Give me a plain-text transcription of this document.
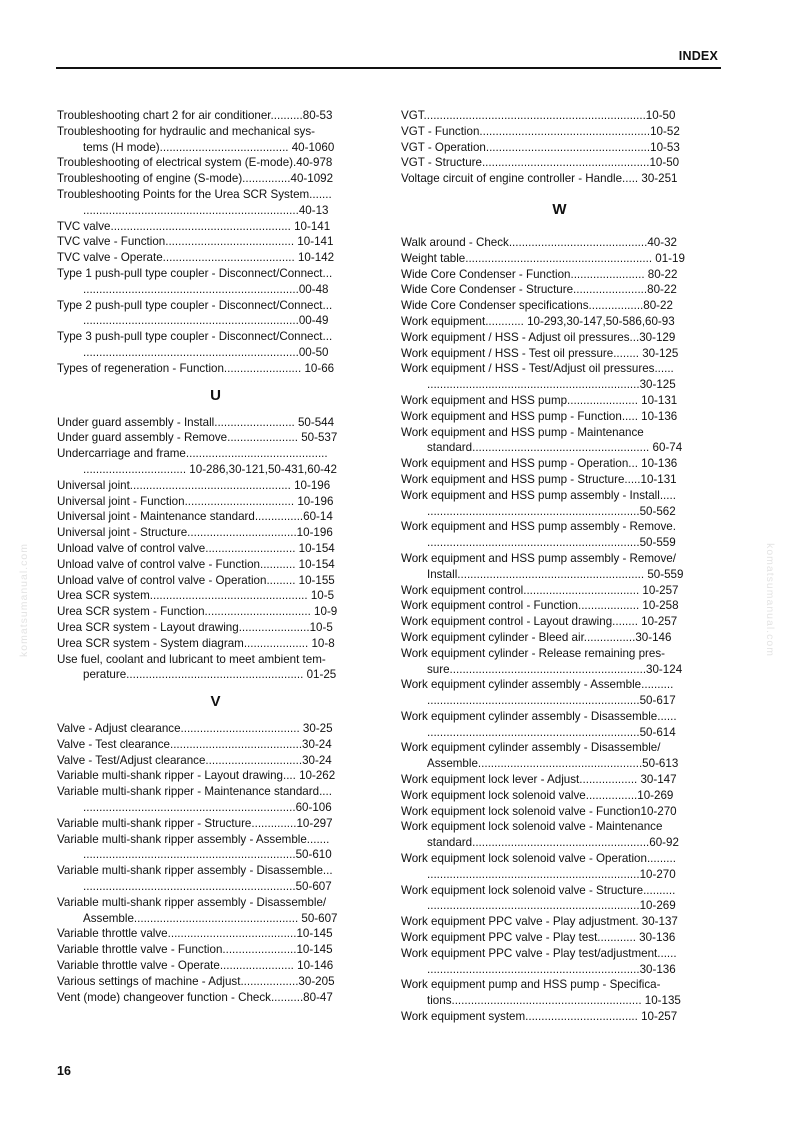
INDEX
komatsumanual.com	komatsumanual.com
Troubleshooting chart 2 for air conditioner..........80-53
Troubleshooting for hydraulic and mechanical sys-
tems (H mode)........................................ 40-1060
Troubleshooting of electrical system (E-mode).40-978
Troubleshooting of engine (S-mode)...............40-1092
Troubleshooting Points for the Urea SCR System.......
...................................................................40-13
TVC valve........................................................ 10-141
TVC valve - Function........................................ 10-141
TVC valve - Operate......................................... 10-142
Type 1 push-pull type coupler - Disconnect/Connect...
...................................................................00-48
Type 2 push-pull type coupler - Disconnect/Connect...
...................................................................00-49
Type 3 push-pull type coupler - Disconnect/Connect...
...................................................................00-50
Types of regeneration - Function........................ 10-66
U
Under guard assembly - Install......................... 50-544
Under guard assembly - Remove...................... 50-537
Undercarriage and frame............................................
................................ 10-286,30-121,50-431,60-42
Universal joint.................................................. 10-196
Universal joint - Function.................................. 10-196
Universal joint - Maintenance standard...............60-14
Universal joint - Structure..................................10-196
Unload valve of control valve............................ 10-154
Unload valve of control valve - Function........... 10-154
Unload valve of control valve - Operation......... 10-155
Urea SCR system................................................. 10-5
Urea SCR system - Function................................. 10-9
Urea SCR system - Layout drawing......................10-5
Urea SCR system - System diagram.................... 10-8
Use fuel, coolant and lubricant to meet ambient tem-
perature....................................................... 01-25
V
Valve - Adjust clearance..................................... 30-25
Valve - Test clearance.........................................30-24
Valve - Test/Adjust clearance..............................30-24
Variable multi-shank ripper - Layout drawing.... 10-262
Variable multi-shank ripper - Maintenance standard....
..................................................................60-106
Variable multi-shank ripper - Structure..............10-297
Variable multi-shank ripper assembly - Assemble.......
..................................................................50-610
Variable multi-shank ripper assembly - Disassemble...
..................................................................50-607
Variable multi-shank ripper assembly - Disassemble/
Assemble................................................... 50-607
Variable throttle valve........................................10-145
Variable throttle valve - Function.......................10-145
Variable throttle valve - Operate....................... 10-146
Various settings of machine - Adjust..................30-205
Vent (mode) changeover function - Check..........80-47
VGT.....................................................................10-50
VGT - Function.....................................................10-52
VGT - Operation...................................................10-53
VGT - Structure....................................................10-50
Voltage circuit of engine controller - Handle..... 30-251
W
Walk around - Check...........................................40-32
Weight table.......................................................... 01-19
Wide Core Condenser - Function....................... 80-22
Wide Core Condenser - Structure.......................80-22
Wide Core Condenser specifications.................80-22
Work equipment............ 10-293,30-147,50-586,60-93
Work equipment / HSS - Adjust oil pressures...30-129
Work equipment / HSS - Test oil pressure........ 30-125
Work equipment / HSS - Test/Adjust oil pressures......
..................................................................30-125
Work equipment and HSS pump...................... 10-131
Work equipment and HSS pump - Function..... 10-136
Work equipment and HSS pump - Maintenance
standard....................................................... 60-74
Work equipment and HSS pump - Operation... 10-136
Work equipment and HSS pump - Structure.....10-131
Work equipment and HSS pump assembly - Install.....
..................................................................50-562
Work equipment and HSS pump assembly - Remove.
..................................................................50-559
Work equipment and HSS pump assembly - Remove/
Install.......................................................... 50-559
Work equipment control.................................... 10-257
Work equipment control - Function................... 10-258
Work equipment control - Layout drawing........ 10-257
Work equipment cylinder - Bleed air................30-146
Work equipment cylinder - Release remaining pres-
sure.............................................................30-124
Work equipment cylinder assembly - Assemble..........
..................................................................50-617
Work equipment cylinder assembly - Disassemble......
..................................................................50-614
Work equipment cylinder assembly - Disassemble/
Assemble...................................................50-613
Work equipment lock lever - Adjust.................. 30-147
Work equipment lock solenoid valve................10-269
Work equipment lock solenoid valve - Function10-270
Work equipment lock solenoid valve - Maintenance
standard.......................................................60-92
Work equipment lock solenoid valve - Operation.........
..................................................................10-270
Work equipment lock solenoid valve - Structure..........
..................................................................10-269
Work equipment PPC valve - Play adjustment. 30-137
Work equipment PPC valve - Play test............ 30-136
Work equipment PPC valve - Play test/adjustment......
..................................................................30-136
Work equipment pump and HSS pump - Specifica-
tions........................................................... 10-135
Work equipment system................................... 10-257
16
